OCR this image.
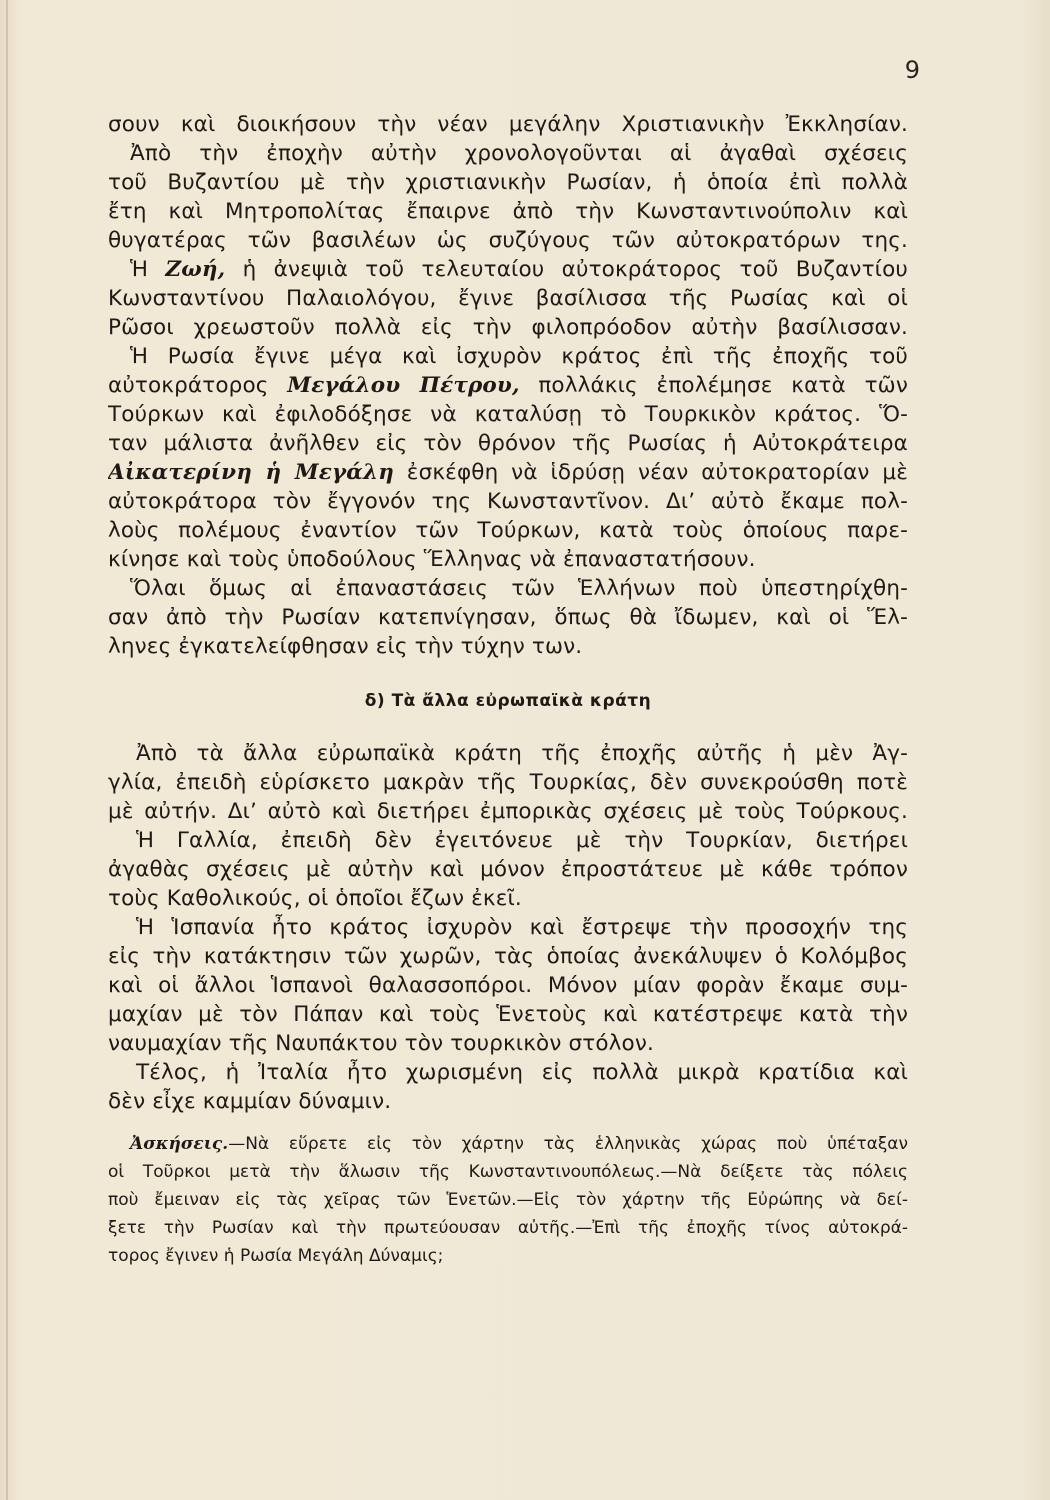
9
σουν καὶ διοικήσουν τὴν νέαν μεγάλην Χριστιανικὴν Ἐκκλησίαν.
Ἀπὸ τὴν ἐποχὴν αὐτὴν χρονολογοῦνται αἱ ἀγαθαὶ σχέσεις
τοῦ Βυζαντίου μὲ τὴν χριστιανικὴν Ρωσίαν, ἡ ὁποία ἐπὶ πολλὰ
ἔτη καὶ Μητροπολίτας ἔπαιρνε ἀπὸ τὴν Κωνσταντινούπολιν καὶ
θυγατέρας τῶν βασιλέων ὡς συζύγους τῶν αὐτοκρατόρων της.
Ἡ Ζωή, ἡ ἀνεψιὰ τοῦ τελευταίου αὐτοκράτορος τοῦ Βυζαντίου
Κωνσταντίνου Παλαιολόγου, ἔγινε βασίλισσα τῆς Ρωσίας καὶ οἱ
Ρῶσοι χρεωστοῦν πολλὰ εἰς τὴν φιλοπρόοδον αὐτὴν βασίλισσαν.
Ἡ Ρωσία ἔγινε μέγα καὶ ἰσχυρὸν κράτος ἐπὶ τῆς ἐποχῆς τοῦ
αὐτοκράτορος Μεγάλου Πέτρου, πολλάκις ἐπολέμησε κατὰ τῶν
Τούρκων καὶ ἐφιλοδόξησε νὰ καταλύσῃ τὸ Τουρκικὸν κράτος. Ὅ-
ταν μάλιστα ἀνῆλθεν εἰς τὸν θρόνον τῆς Ρωσίας ἡ Αὐτοκράτειρα
Αἰκατερίνη ἡ Μεγάλη ἐσκέφθη νὰ ἱδρύσῃ νέαν αὐτοκρατορίαν μὲ
αὐτοκράτορα τὸν ἔγγονόν της Κωνσταντῖνον. Διʼ αὐτὸ ἔκαμε πολ-
λοὺς πολέμους ἐναντίον τῶν Τούρκων, κατὰ τοὺς ὁποίους παρε-
κίνησε καὶ τοὺς ὑποδούλους Ἕλληνας νὰ ἐπαναστατήσουν.
Ὅλαι ὅμως αἱ ἐπαναστάσεις τῶν Ἑλλήνων ποὺ ὑπεστηρίχθη-
σαν ἀπὸ τὴν Ρωσίαν κατεπνίγησαν, ὅπως θὰ ἴδωμεν, καὶ οἱ Ἕλ-
ληνες ἐγκατελείφθησαν εἰς τὴν τύχην των.
δ) Τὰ ἄλλα εὐρωπαϊκὰ κράτη
Ἀπὸ τὰ ἄλλα εὐρωπαϊκὰ κράτη τῆς ἐποχῆς αὐτῆς ἡ μὲν Ἀγ-
γλία, ἐπειδὴ εὑρίσκετο μακρὰν τῆς Τουρκίας, δὲν συνεκρούσθη ποτὲ
μὲ αὐτήν. Διʼ αὐτὸ καὶ διετήρει ἐμπορικὰς σχέσεις μὲ τοὺς Τούρκους.
Ἡ Γαλλία, ἐπειδὴ δὲν ἐγειτόνευε μὲ τὴν Τουρκίαν, διετήρει
ἀγαθὰς σχέσεις μὲ αὐτὴν καὶ μόνον ἐπροστάτευε μὲ κάθε τρόπον
τοὺς Καθολικούς, οἱ ὁποῖοι ἔζων ἐκεῖ.
Ἡ Ἱσπανία ἦτο κράτος ἰσχυρὸν καὶ ἔστρεψε τὴν προσοχήν της
εἰς τὴν κατάκτησιν τῶν χωρῶν, τὰς ὁποίας ἀνεκάλυψεν ὁ Κολόμβος
καὶ οἱ ἄλλοι Ἱσπανοὶ θαλασσοπόροι. Μόνον μίαν φορὰν ἔκαμε συμ-
μαχίαν μὲ τὸν Πάπαν καὶ τοὺς Ἑνετοὺς καὶ κατέστρεψε κατὰ τὴν
ναυμαχίαν τῆς Ναυπάκτου τὸν τουρκικὸν στόλον.
Τέλος, ἡ Ἰταλία ἦτο χωρισμένη εἰς πολλὰ μικρὰ κρατίδια καὶ
δὲν εἶχε καμμίαν δύναμιν.
Ἀσκήσεις.—Νὰ εὕρετε εἰς τὸν χάρτην τὰς ἑλληνικὰς χώρας ποὺ ὑπέταξαν
οἱ Τοῦρκοι μετὰ τὴν ἅλωσιν τῆς Κωνσταντινουπόλεως.—Νὰ δείξετε τὰς πόλεις
ποὺ ἔμειναν εἰς τὰς χεῖρας τῶν Ἑνετῶν.—Εἰς τὸν χάρτην τῆς Εὐρώπης νὰ δεί-
ξετε τὴν Ρωσίαν καὶ τὴν πρωτεύουσαν αὐτῆς.—Ἐπὶ τῆς ἐποχῆς τίνος αὐτοκρά-
τορος ἔγινεν ἡ Ρωσία Μεγάλη Δύναμις;
